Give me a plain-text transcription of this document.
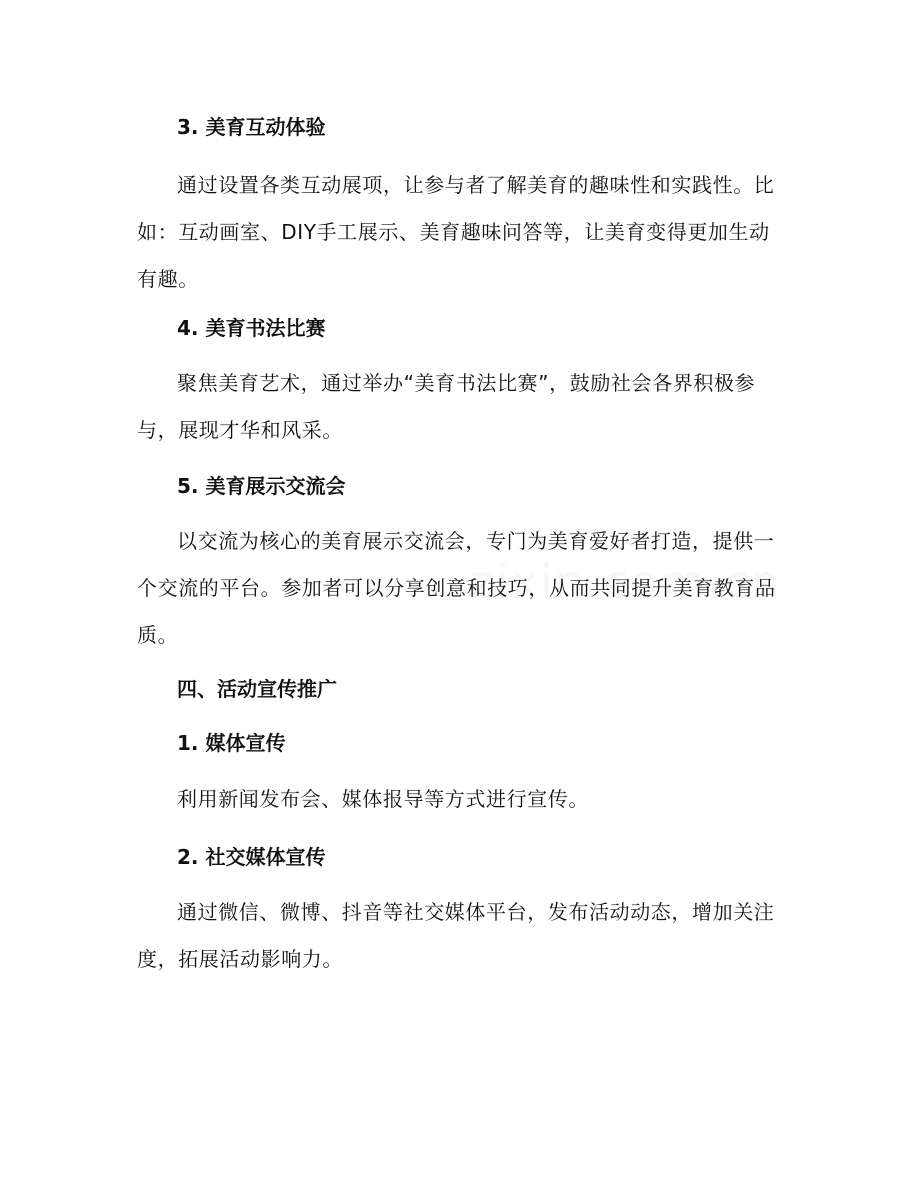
3. 美育互动体验

通过设置各类互动展项，让参与者了解美育的趣味性和实践性。比如：互动画室、DIY手工展示、美育趣味问答等，让美育变得更加生动有趣。

4. 美育书法比赛

聚焦美育艺术，通过举办“美育书法比赛”，鼓励社会各界积极参与，展现才华和风采。

5. 美育展示交流会

以交流为核心的美育展示交流会，专门为美育爱好者打造，提供一个交流的平台。参加者可以分享创意和技巧，从而共同提升美育教育品质。

四、活动宣传推广

1. 媒体宣传

利用新闻发布会、媒体报导等方式进行宣传。

2. 社交媒体宣传

通过微信、微博、抖音等社交媒体平台，发布活动动态，增加关注度，拓展活动影响力。
